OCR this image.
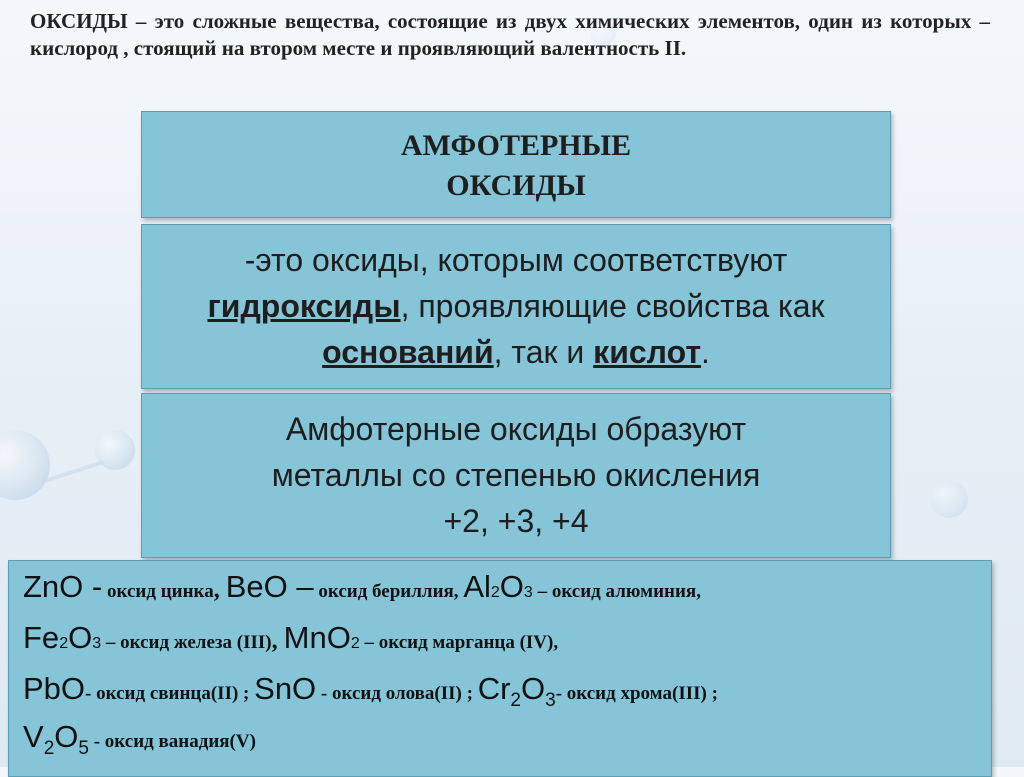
ОКСИДЫ – это сложные вещества, состоящие из двух химических элементов, один из которых – кислород , стоящий на втором месте и проявляющий валентность II.

АМФОТЕРНЫЕ
ОКСИДЫ

-это оксиды, которым соответствуют гидроксиды, проявляющие свойства как оснований, так и кислот.

Амфотерные оксиды образуют
металлы со степенью окисления
+2, +3, +4

ZnO - оксид цинка, BeO – оксид бериллия, Al2O3 – оксид алюминия,
Fe2O3 – оксид железа (III), MnO2 – оксид марганца (IV),
PbO- оксид свинца(II) ; SnO - оксид олова(II) ; $Cr_2O_3-$ оксид хрома(III) ;
$V_2O_5$ - оксид ванадия(V)
